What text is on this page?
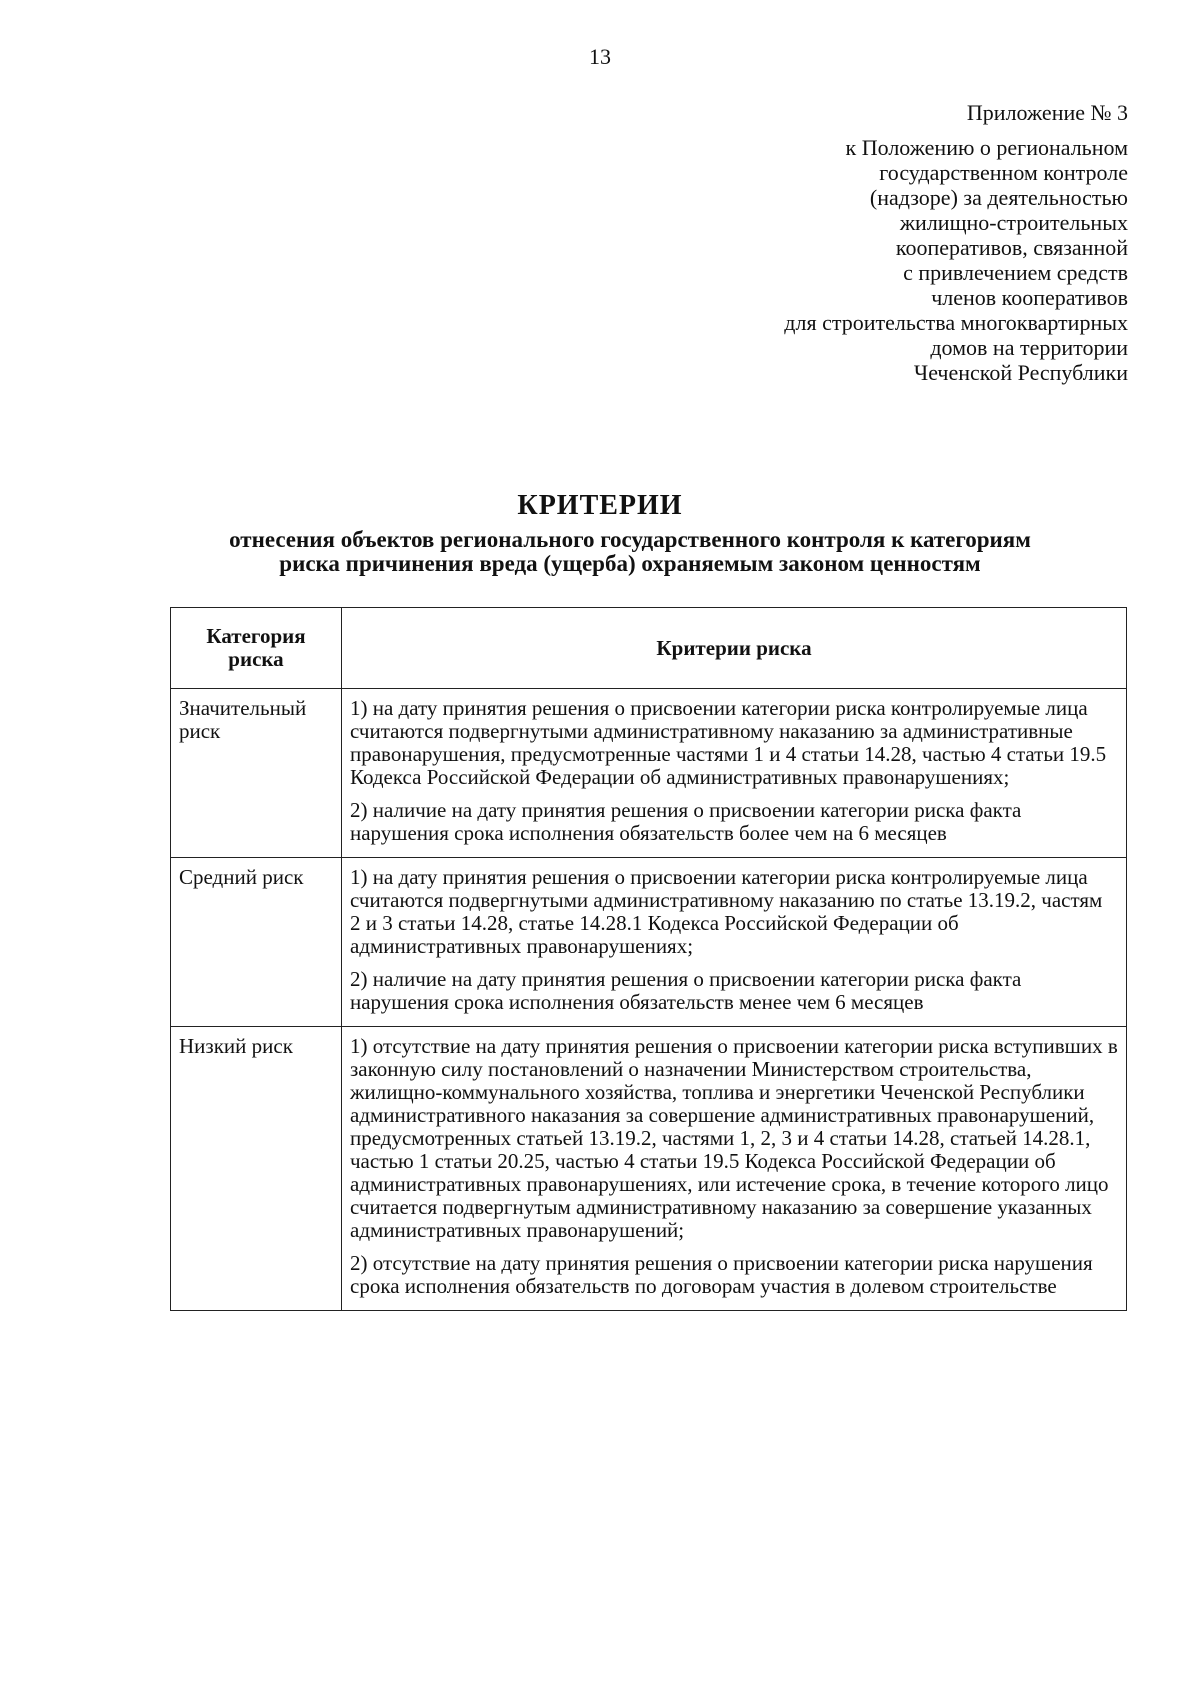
13
Приложение № 3
к Положению о региональном
государственном контроле
(надзоре) за деятельностью
жилищно-строительных
кооперативов, связанной
с привлечением средств
членов кооперативов
для строительства многоквартирных
домов на территории
Чеченской Республики
КРИТЕРИИ
отнесения объектов регионального государственного контроля к категориям
риска причинения вреда (ущерба) охраняемым законом ценностям
Категория риска	Критерии риска
Значительный риск	1) на дату принятия решения о присвоении категории риска контролируемые лица считаются подвергнутыми административному наказанию за административные правонарушения, предусмотренные частями 1 и 4 статьи 14.28, частью 4 статьи 19.5 Кодекса Российской Федерации об административных правонарушениях;
2) наличие на дату принятия решения о присвоении категории риска факта нарушения срока исполнения обязательств более чем на 6 месяцев

Средний риск	1) на дату принятия решения о присвоении категории риска контролируемые лица считаются подвергнутыми административному наказанию по статье 13.19.2, частям 2 и 3 статьи 14.28, статье 14.28.1 Кодекса Российской Федерации об административных правонарушениях;
2) наличие на дату принятия решения о присвоении категории риска факта нарушения срока исполнения обязательств менее чем 6 месяцев

Низкий риск	1) отсутствие на дату принятия решения о присвоении категории риска вступивших в законную силу постановлений о назначении Министерством строительства, жилищно-коммунального хозяйства, топлива и энергетики Чеченской Республики административного наказания за совершение административных правонарушений, предусмотренных статьей 13.19.2, частями 1, 2, 3 и 4 статьи 14.28, статьей 14.28.1, частью 1 статьи 20.25, частью 4 статьи 19.5 Кодекса Российской Федерации об административных правонарушениях, или истечение срока, в течение которого лицо считается подвергнутым административному наказанию за совершение указанных административных правонарушений;
2) отсутствие на дату принятия решения о присвоении категории риска нарушения срока исполнения обязательств по договорам участия в долевом строительстве
